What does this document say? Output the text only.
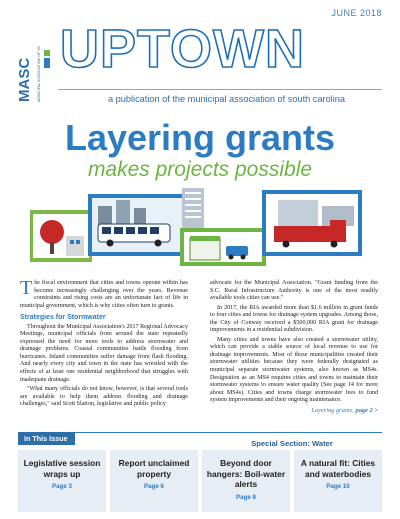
JUNE 2018
MASC MUNICIPAL ASSOCIATION OF SC UPTOWN
a publication of the municipal association of south carolina
Layering grants
makes projects possible

The fiscal environment that cities and towns operate within has become increasingly challenging over the years. Revenue constraints and rising costs are an unfortunate fact of life in municipal government, which is why cities often turn to grants.

Strategies for Stormwater

Throughout the Municipal Association's 2017 Regional Advocacy Meetings, municipal officials from around the state repeatedly expressed the need for more tools to address stormwater and drainage problems. Coastal communities battle flooding from hurricanes. Inland communities suffer damage from flash flooding. And nearly every city and town in the state has wrestled with the effects of at least one residential neighborhood that struggles with inadequate drainage.

"What many officials do not know, however, is that several tools are available to help them address flooding and drainage challenges," said Scott Slatton, legislative and public policy

advocate for the Municipal Association. "Grant funding from the S.C. Rural Infrastructure Authority is one of the most readily available tools cities can use."

In 2017, the RIA awarded more than $1.6 million in grant funds to four cities and towns for drainage system upgrades. Among those, the City of Conway received a $500,000 RIA grant for drainage improvements in a residential subdivision.

Many cities and towns have also created a stormwater utility, which can provide a stable source of local revenue to use for drainage improvements. Most of those municipalities created their stormwater utilities because they were federally designated as municipal separate stormwater systems, also known as MS4s. Designation as an MS4 requires cities and towns to maintain their stormwater systems to ensure water quality (See page 14 for more about MS4s). Cities and towns charge stormwater fees to fund system improvements and their ongoing maintenance.

Layering grants, page 2 >
In This Issue
Special Section: Water
Legislative session wraps up
Page 3
Report unclaimed property
Page 6
Beyond door hangers: Boil-water alerts
Page 8
A natural fit: Cities and waterbodies
Page 10
